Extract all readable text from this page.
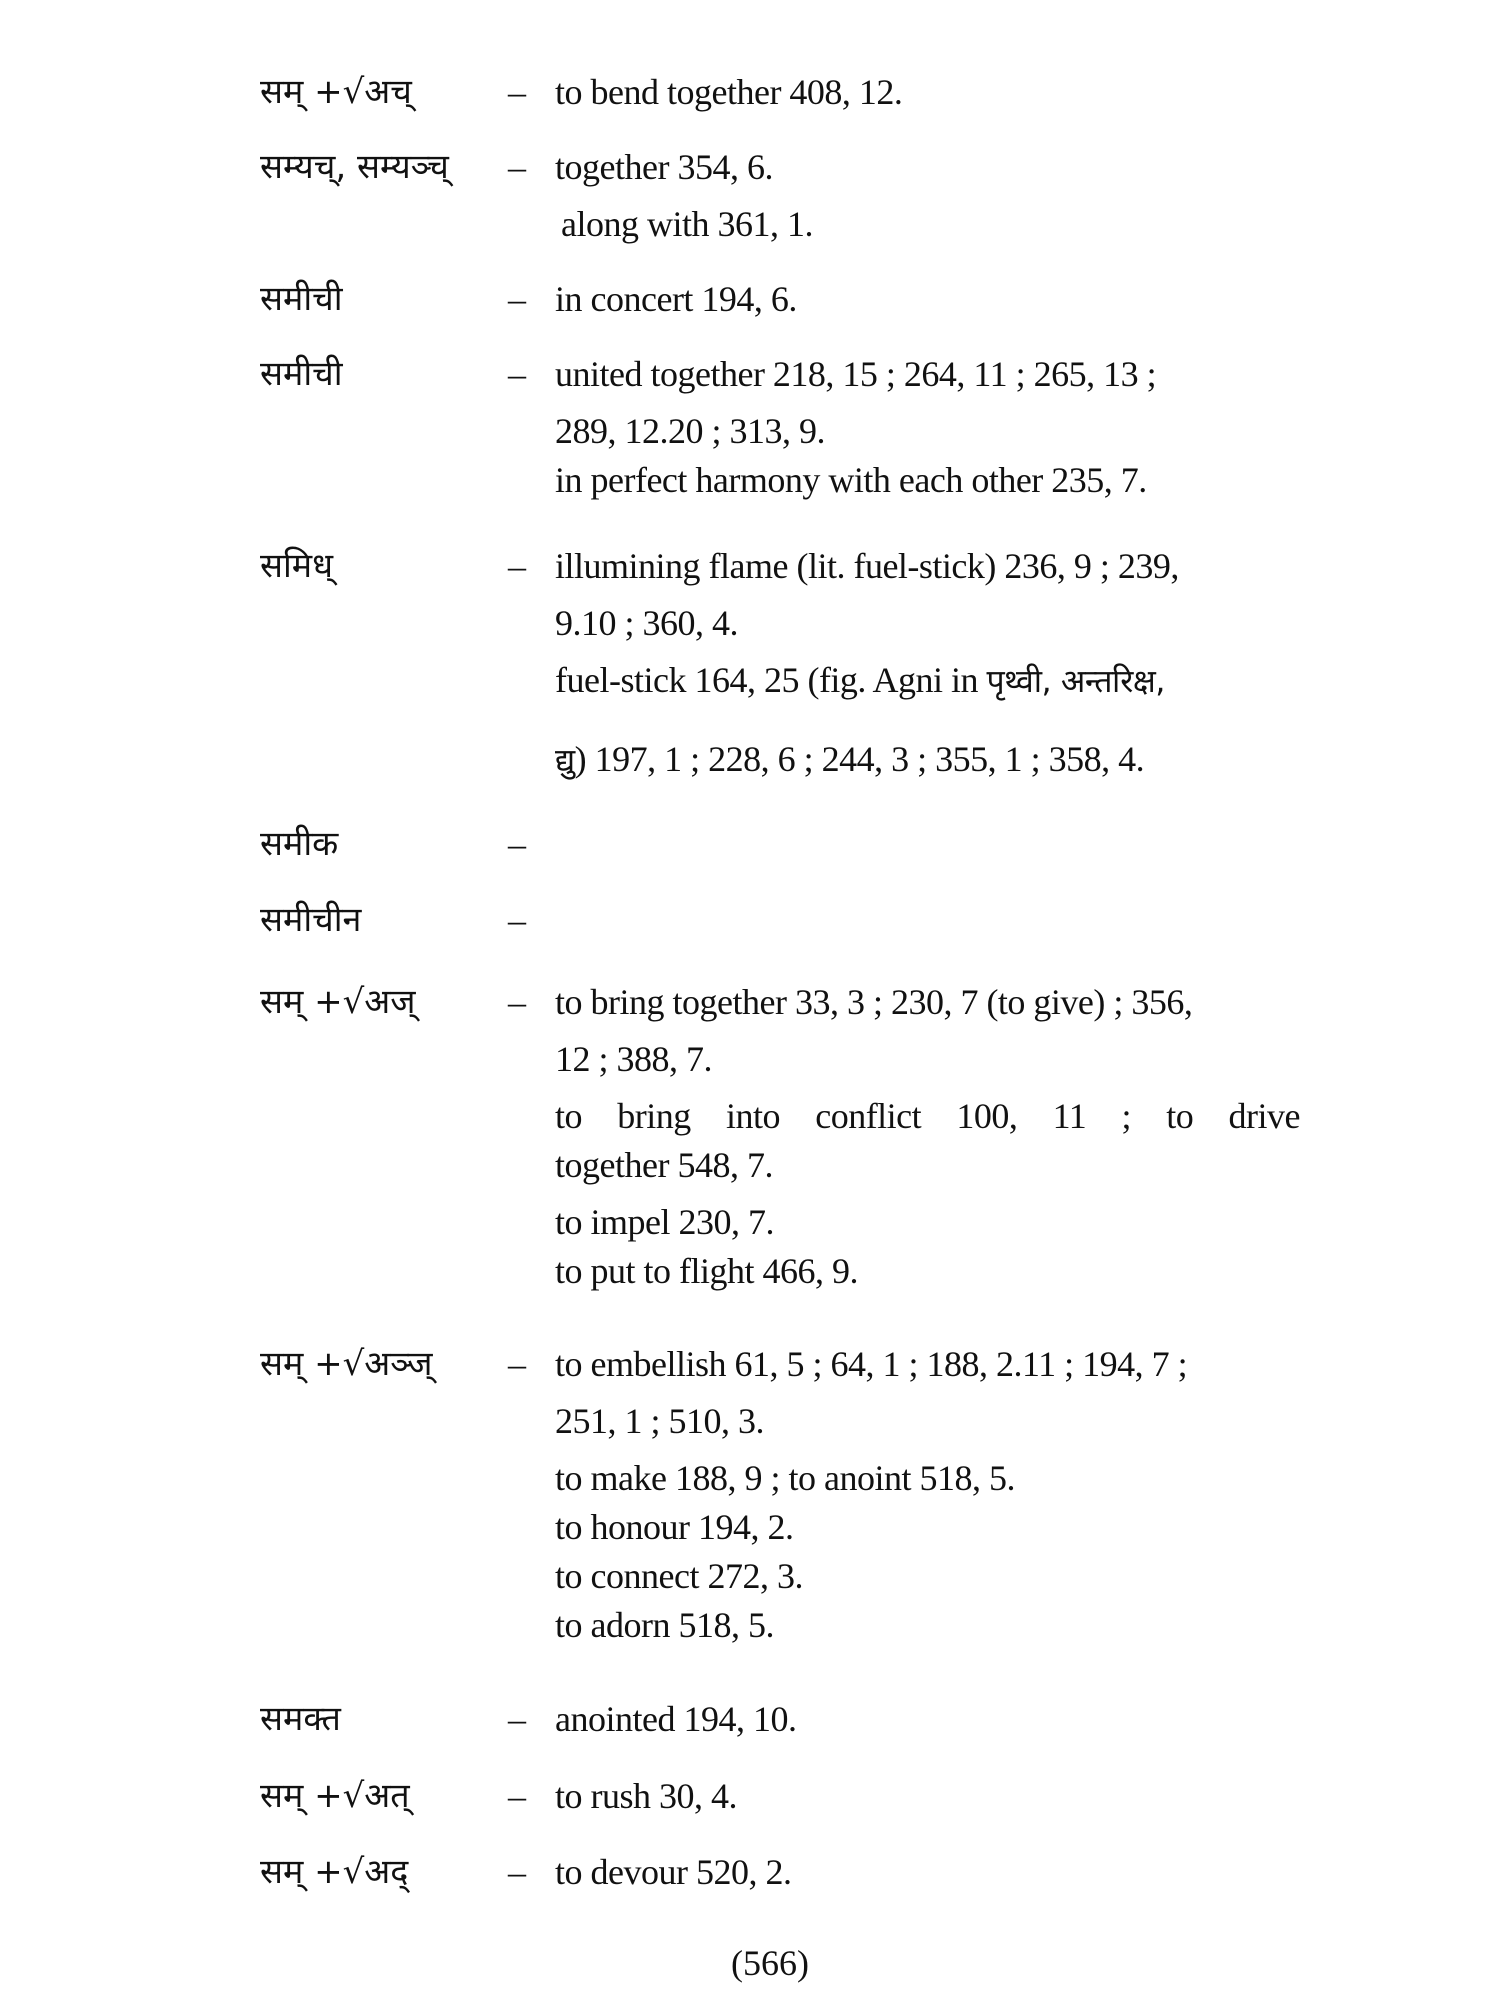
सम् +√अच्	– to bend together 408, 12.
सम्यच्, सम्यञ्च् – together 354, 6.
along with 361, 1.
समीची	– in concert 194, 6.
समीची	– united together 218, 15 ; 264, 11 ; 265, 13 ;
289, 12.20 ; 313, 9.
in perfect harmony with each other 235, 7.
समिध्	– illumining flame (lit. fuel-stick) 236, 9 ; 239,
9.10 ; 360, 4.
fuel-stick 164, 25 (fig. Agni in पृथ्वी, अन्तरिक्ष,
द्यु) 197, 1 ; 228, 6 ; 244, 3 ; 355, 1 ; 358, 4.
समीक	–
समीचीन	–
सम् +√अज्	– to bring together 33, 3 ; 230, 7 (to give) ; 356,
12 ; 388, 7.
to bring into conflict 100, 11 ; to drive
together 548, 7.
to impel 230, 7.
to put to flight 466, 9.
सम् +√अञ्ज् – to embellish 61, 5 ; 64, 1 ; 188, 2.11 ; 194, 7 ;
251, 1 ; 510, 3.
to make 188, 9 ; to anoint 518, 5.
to honour 194, 2.
to connect 272, 3.
to adorn 518, 5.
समक्त	– anointed 194, 10.
सम् +√अत्	– to rush 30, 4.
सम् +√अद्	– to devour 520, 2.
(566)
